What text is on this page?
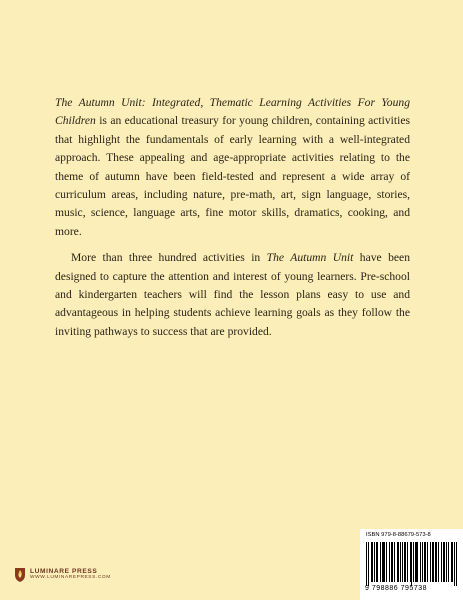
The Autumn Unit: Integrated, Thematic Learning Activities For Young Children is an educational treasury for young children, containing activities that highlight the fundamentals of early learning with a well-integrated approach. These appealing and age-appropriate activities relating to the theme of autumn have been field-tested and represent a wide array of curriculum areas, including nature, pre-math, art, sign language, stories, music, science, language arts, fine motor skills, dramatics, cooking, and more.

More than three hundred activities in The Autumn Unit have been designed to capture the attention and interest of young learners. Pre-school and kindergarten teachers will find the lesson plans easy to use and advantageous in helping students achieve learning goals as they follow the inviting pathways to success that are provided.

LUMINARE PRESS
WWW.LUMINAREPRESS.COM
ISBN 979-8-88679-573-8
9 798886 795738
